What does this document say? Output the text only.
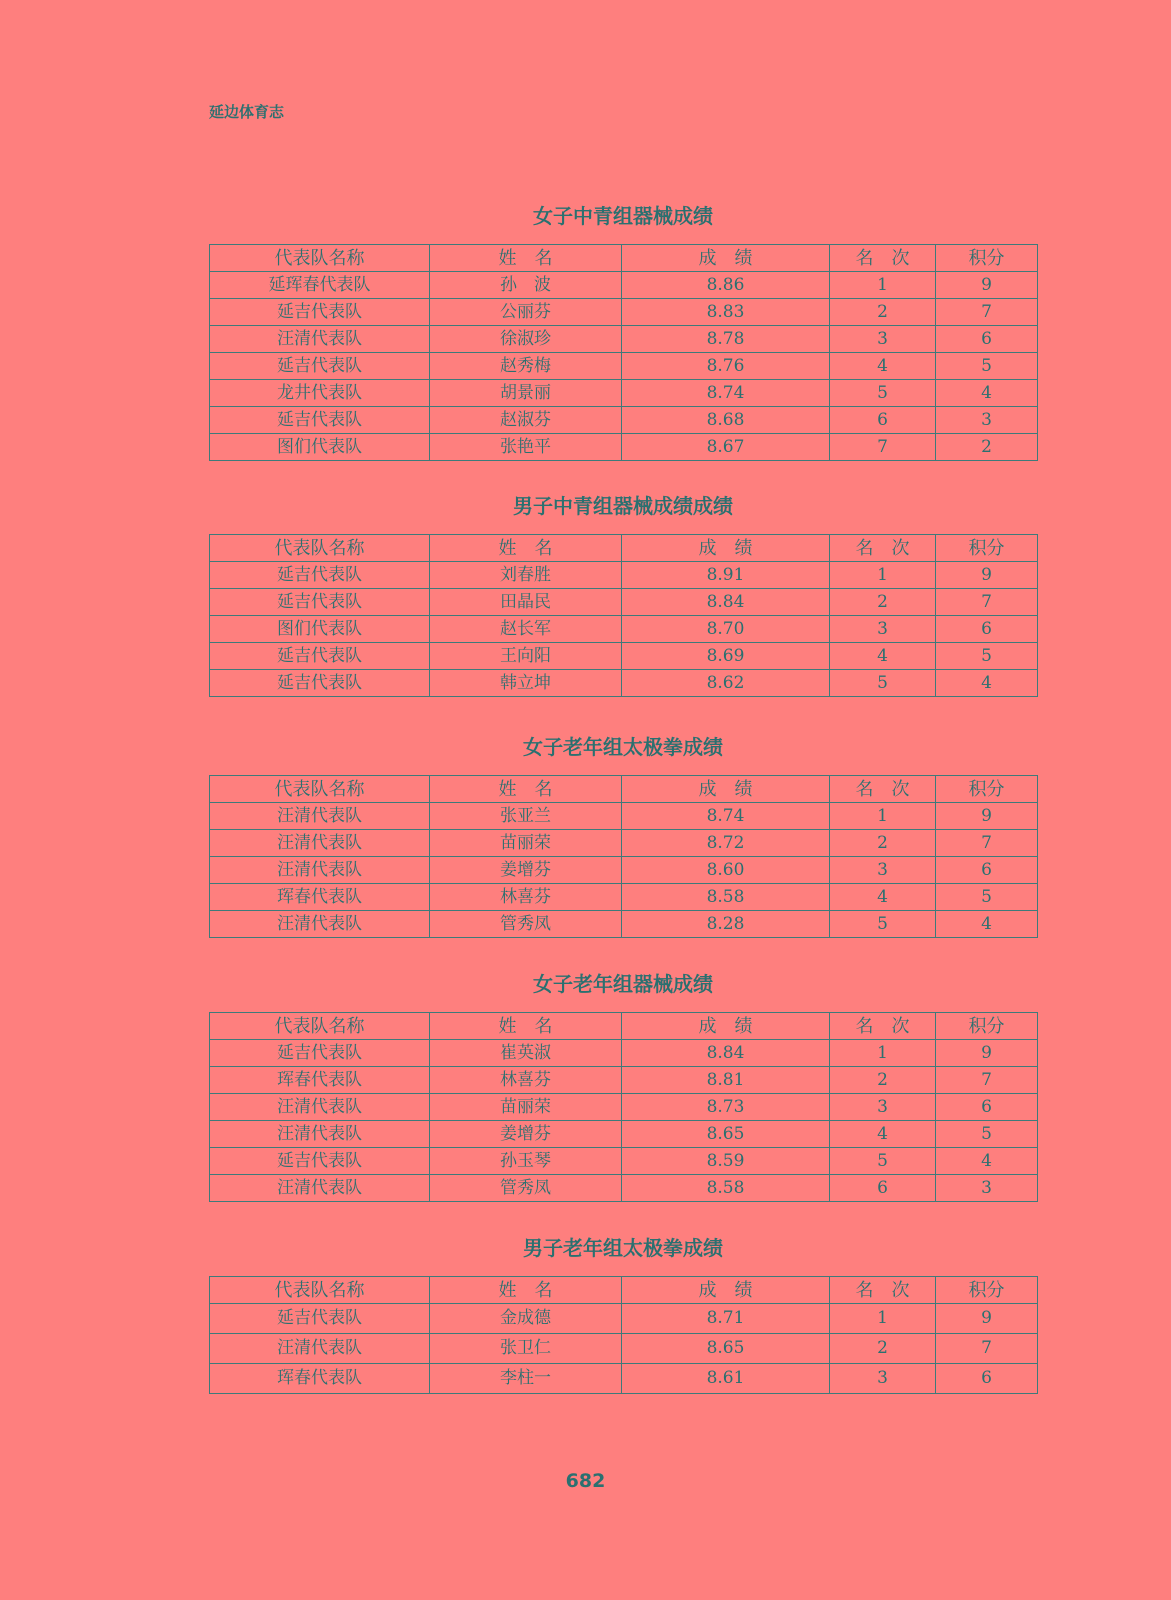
延边体育志
女子中青组器械成绩
代表队名称	姓　名	成　绩	名　次	积分
延珲春代表队	孙　波	8.86	1	9
延吉代表队	公丽芬	8.83	2	7
汪清代表队	徐淑珍	8.78	3	6
延吉代表队	赵秀梅	8.76	4	5
龙井代表队	胡景丽	8.74	5	4
延吉代表队	赵淑芬	8.68	6	3
图们代表队	张艳平	8.67	7	2
男子中青组器械成绩成绩
代表队名称	姓　名	成　绩	名　次	积分
延吉代表队	刘春胜	8.91	1	9
延吉代表队	田晶民	8.84	2	7
图们代表队	赵长军	8.70	3	6
延吉代表队	王向阳	8.69	4	5
延吉代表队	韩立坤	8.62	5	4
女子老年组太极拳成绩
代表队名称	姓　名	成　绩	名　次	积分
汪清代表队	张亚兰	8.74	1	9
汪清代表队	苗丽荣	8.72	2	7
汪清代表队	姜增芬	8.60	3	6
珲春代表队	林喜芬	8.58	4	5
汪清代表队	管秀凤	8.28	5	4
女子老年组器械成绩
代表队名称	姓　名	成　绩	名　次	积分
延吉代表队	崔英淑	8.84	1	9
珲春代表队	林喜芬	8.81	2	7
汪清代表队	苗丽荣	8.73	3	6
汪清代表队	姜增芬	8.65	4	5
延吉代表队	孙玉琴	8.59	5	4
汪清代表队	管秀凤	8.58	6	3
男子老年组太极拳成绩
代表队名称	姓　名	成　绩	名　次	积分
延吉代表队	金成德	8.71	1	9
汪清代表队	张卫仁	8.65	2	7
珲春代表队	李柱一	8.61	3	6
682
